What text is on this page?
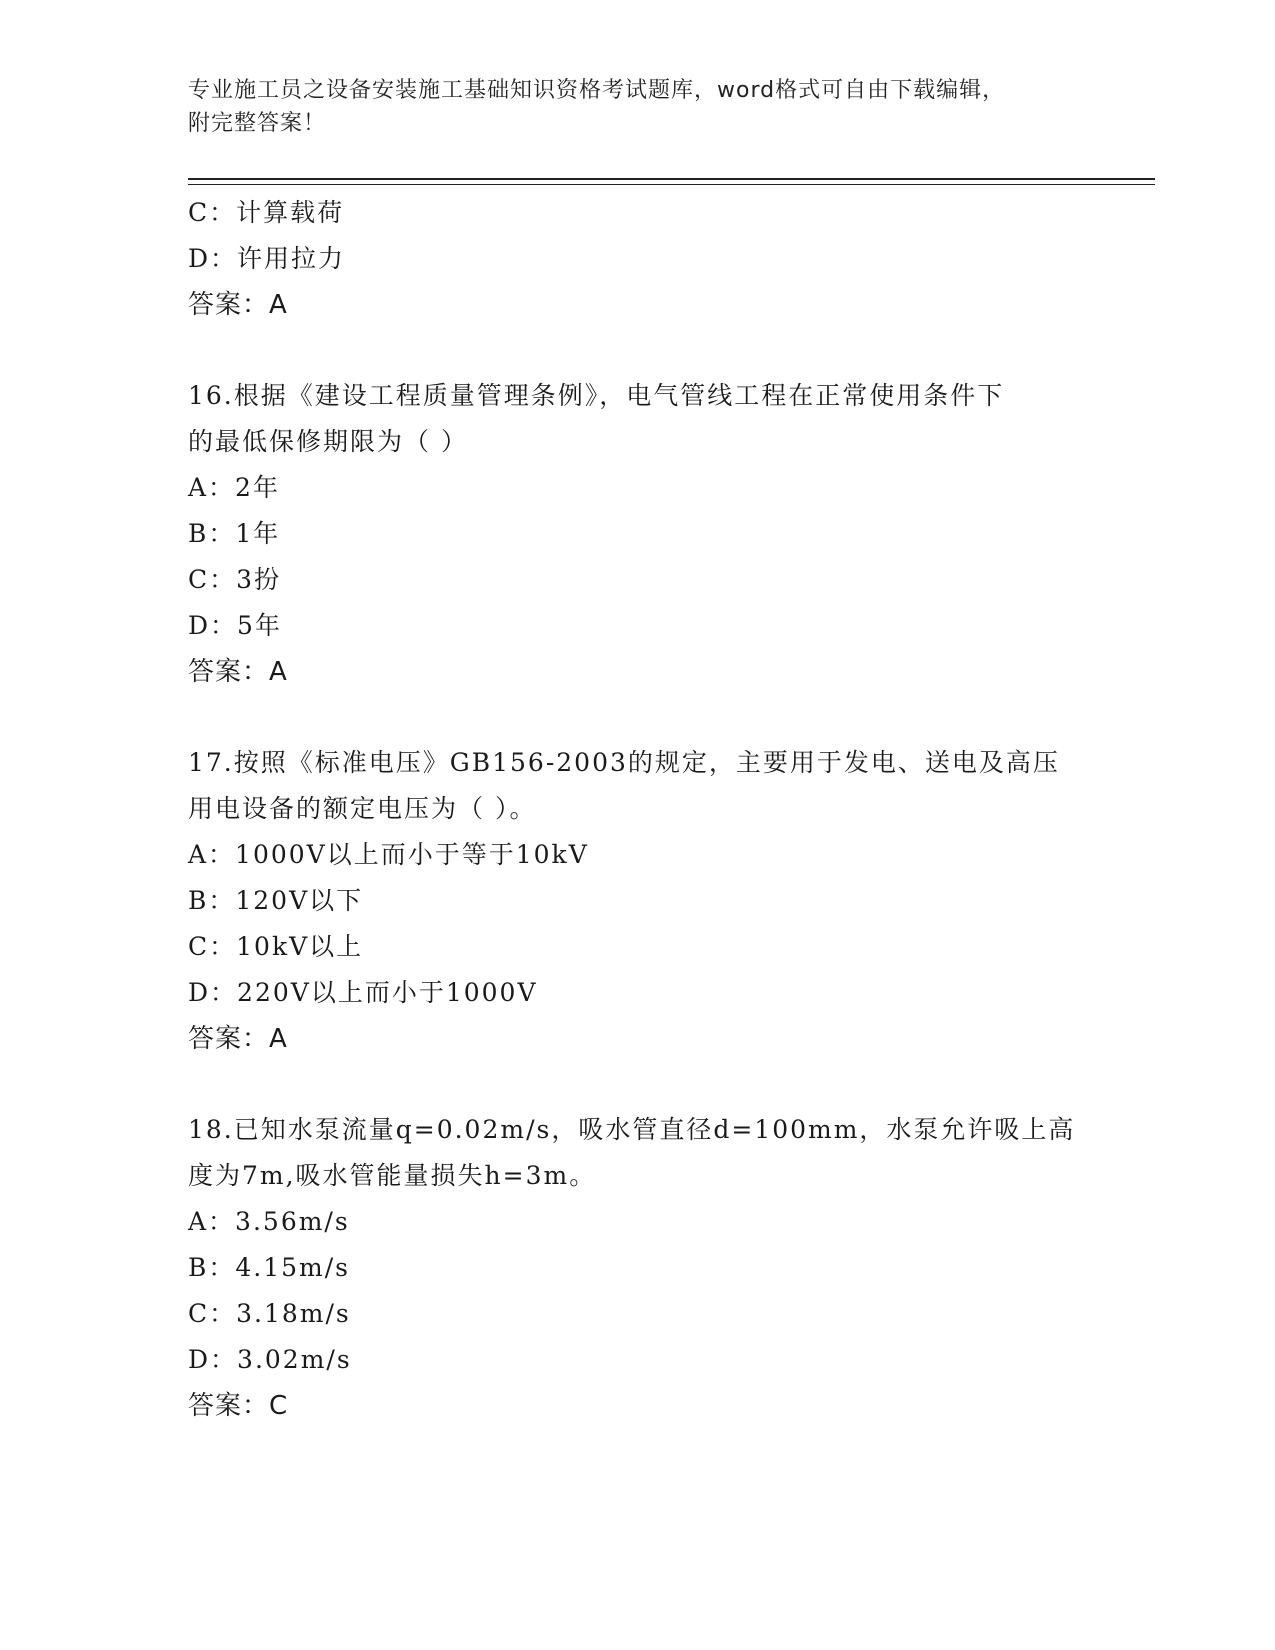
专业施工员之设备安装施工基础知识资格考试题库，word格式可自由下载编辑，
附完整答案！
C：计算载荷
D：许用拉力
答案：A
16.根据《建设工程质量管理条例》，电气管线工程在正常使用条件下
的最低保修期限为（ ）
A：2年
B：1年
C：3扮
D：5年
答案：A
17.按照《标准电压》GB156-2003的规定，主要用于发电、送电及高压
用电设备的额定电压为（ ）。
A：1000V以上而小于等于10kV
B：120V以下
C：10kV以上
D：220V以上而小于1000V
答案：A
18.已知水泵流量q=0.02m/s，吸水管直径d=100mm，水泵允许吸上高
度为7m,吸水管能量损失h=3m。
A：3.56m/s
B：4.15m/s
C：3.18m/s
D：3.02m/s
答案：C
